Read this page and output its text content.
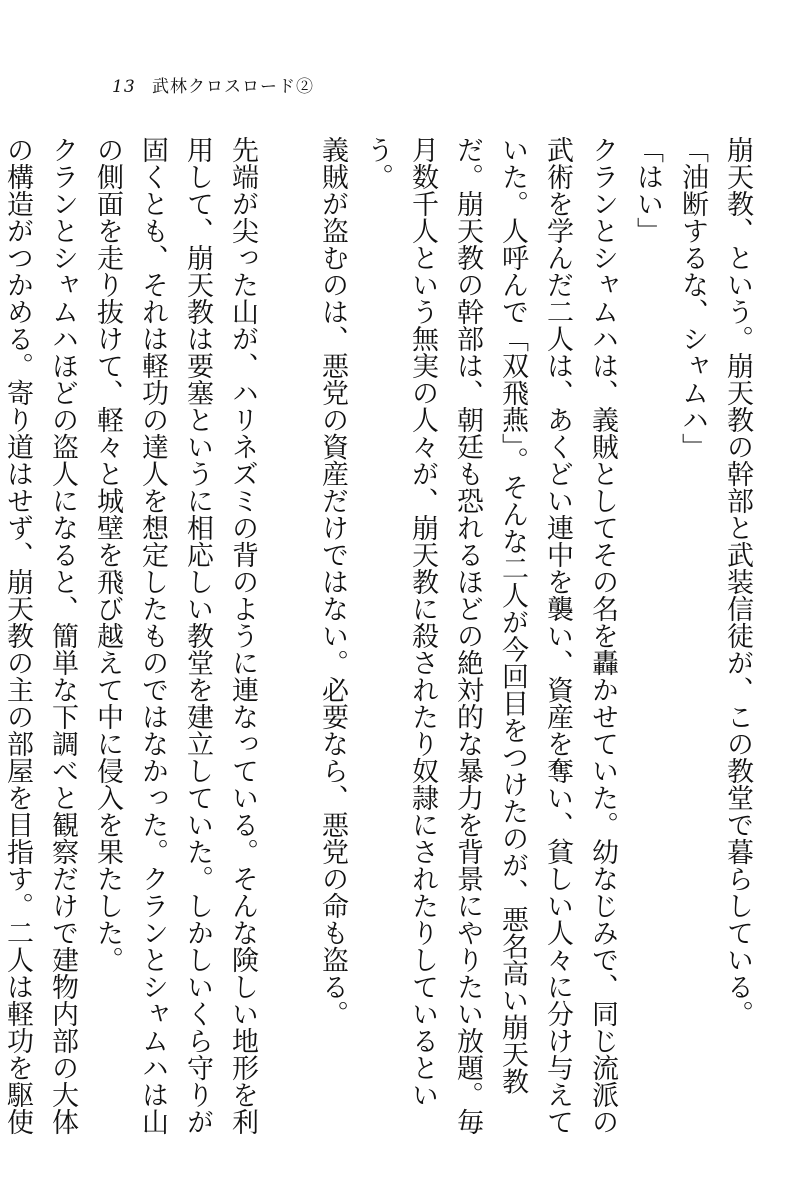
13 武林クロスロード②

崩天教、という。崩天教の幹部と武装信徒が、この教堂で暮らしている。

「油断するな、シャムハ」

「はい」

クランとシャムハは、義賊としてその名を轟かせていた。幼なじみで、同じ流派の武術を学んだ二人は、あくどい連中を襲い、資産を奪い、貧しい人々に分け与えていた。人呼んで「双飛燕」。そんな二人が今回目をつけたのが、悪名高い崩天教だ。崩天教の幹部は、朝廷も恐れるほどの絶対的な暴力を背景にやりたい放題。毎月数千人という無実の人々が、崩天教に殺されたり奴隷にされたりしているという。

義賊が盗むのは、悪党の資産だけではない。必要なら、悪党の命も盗る。

先端が尖った山が、ハリネズミの背のように連なっている。そんな険しい地形を利用して、崩天教は要塞というに相応しい教堂を建立していた。しかしいくら守りが固くとも、それは軽功の達人を想定したものではなかった。クランとシャムハは山の側面を走り抜けて、軽々と城壁を飛び越えて中に侵入を果たした。

クランとシャムハほどの盗人になると、簡単な下調べと観察だけで建物内部の大体の構造がつかめる。寄り道はせず、崩天教の主の部屋を目指す。二人は軽功を駆使
